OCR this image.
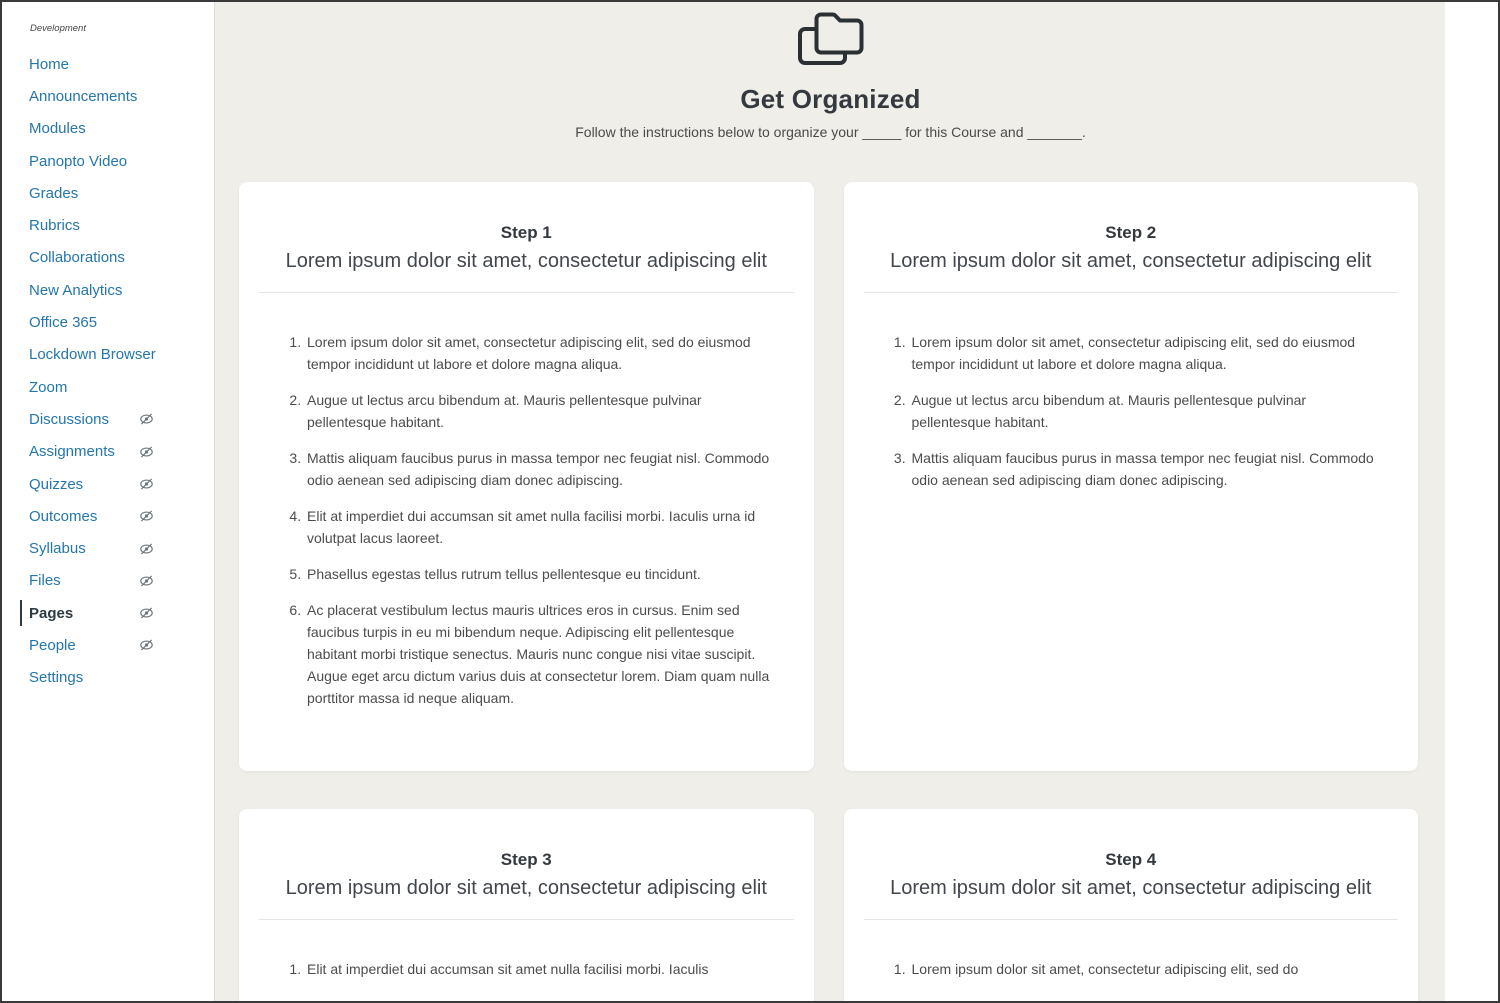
Development
Home
Announcements
Modules
Panopto Video
Grades
Rubrics
Collaborations
New Analytics
Office 365
Lockdown Browser
Zoom
Discussions
Assignments
Quizzes
Outcomes
Syllabus
Files
Pages
People
Settings
Get Organized

Follow the instructions below to organize your _____ for this Course and _______.

Step 1
Lorem ipsum dolor sit amet, consectetur adipiscing elit
1. Lorem ipsum dolor sit amet, consectetur adipiscing elit, sed do eiusmod tempor incididunt ut labore et dolore magna aliqua.
2. Augue ut lectus arcu bibendum at. Mauris pellentesque pulvinar pellentesque habitant.
3. Mattis aliquam faucibus purus in massa tempor nec feugiat nisl. Commodo odio aenean sed adipiscing diam donec adipiscing.
4. Elit at imperdiet dui accumsan sit amet nulla facilisi morbi. Iaculis urna id volutpat lacus laoreet.
5. Phasellus egestas tellus rutrum tellus pellentesque eu tincidunt.
6. Ac placerat vestibulum lectus mauris ultrices eros in cursus. Enim sed faucibus turpis in eu mi bibendum neque. Adipiscing elit pellentesque habitant morbi tristique senectus. Mauris nunc congue nisi vitae suscipit. Augue eget arcu dictum varius duis at consectetur lorem. Diam quam nulla porttitor massa id neque aliquam.
Step 2
Lorem ipsum dolor sit amet, consectetur adipiscing elit
1. Lorem ipsum dolor sit amet, consectetur adipiscing elit, sed do eiusmod tempor incididunt ut labore et dolore magna aliqua.
2. Augue ut lectus arcu bibendum at. Mauris pellentesque pulvinar pellentesque habitant.
3. Mattis aliquam faucibus purus in massa tempor nec feugiat nisl. Commodo odio aenean sed adipiscing diam donec adipiscing.
Step 3
Lorem ipsum dolor sit amet, consectetur adipiscing elit
1. Elit at imperdiet dui accumsan sit amet nulla facilisi morbi. Iaculis
Step 4
Lorem ipsum dolor sit amet, consectetur adipiscing elit
1. Lorem ipsum dolor sit amet, consectetur adipiscing elit, sed do
